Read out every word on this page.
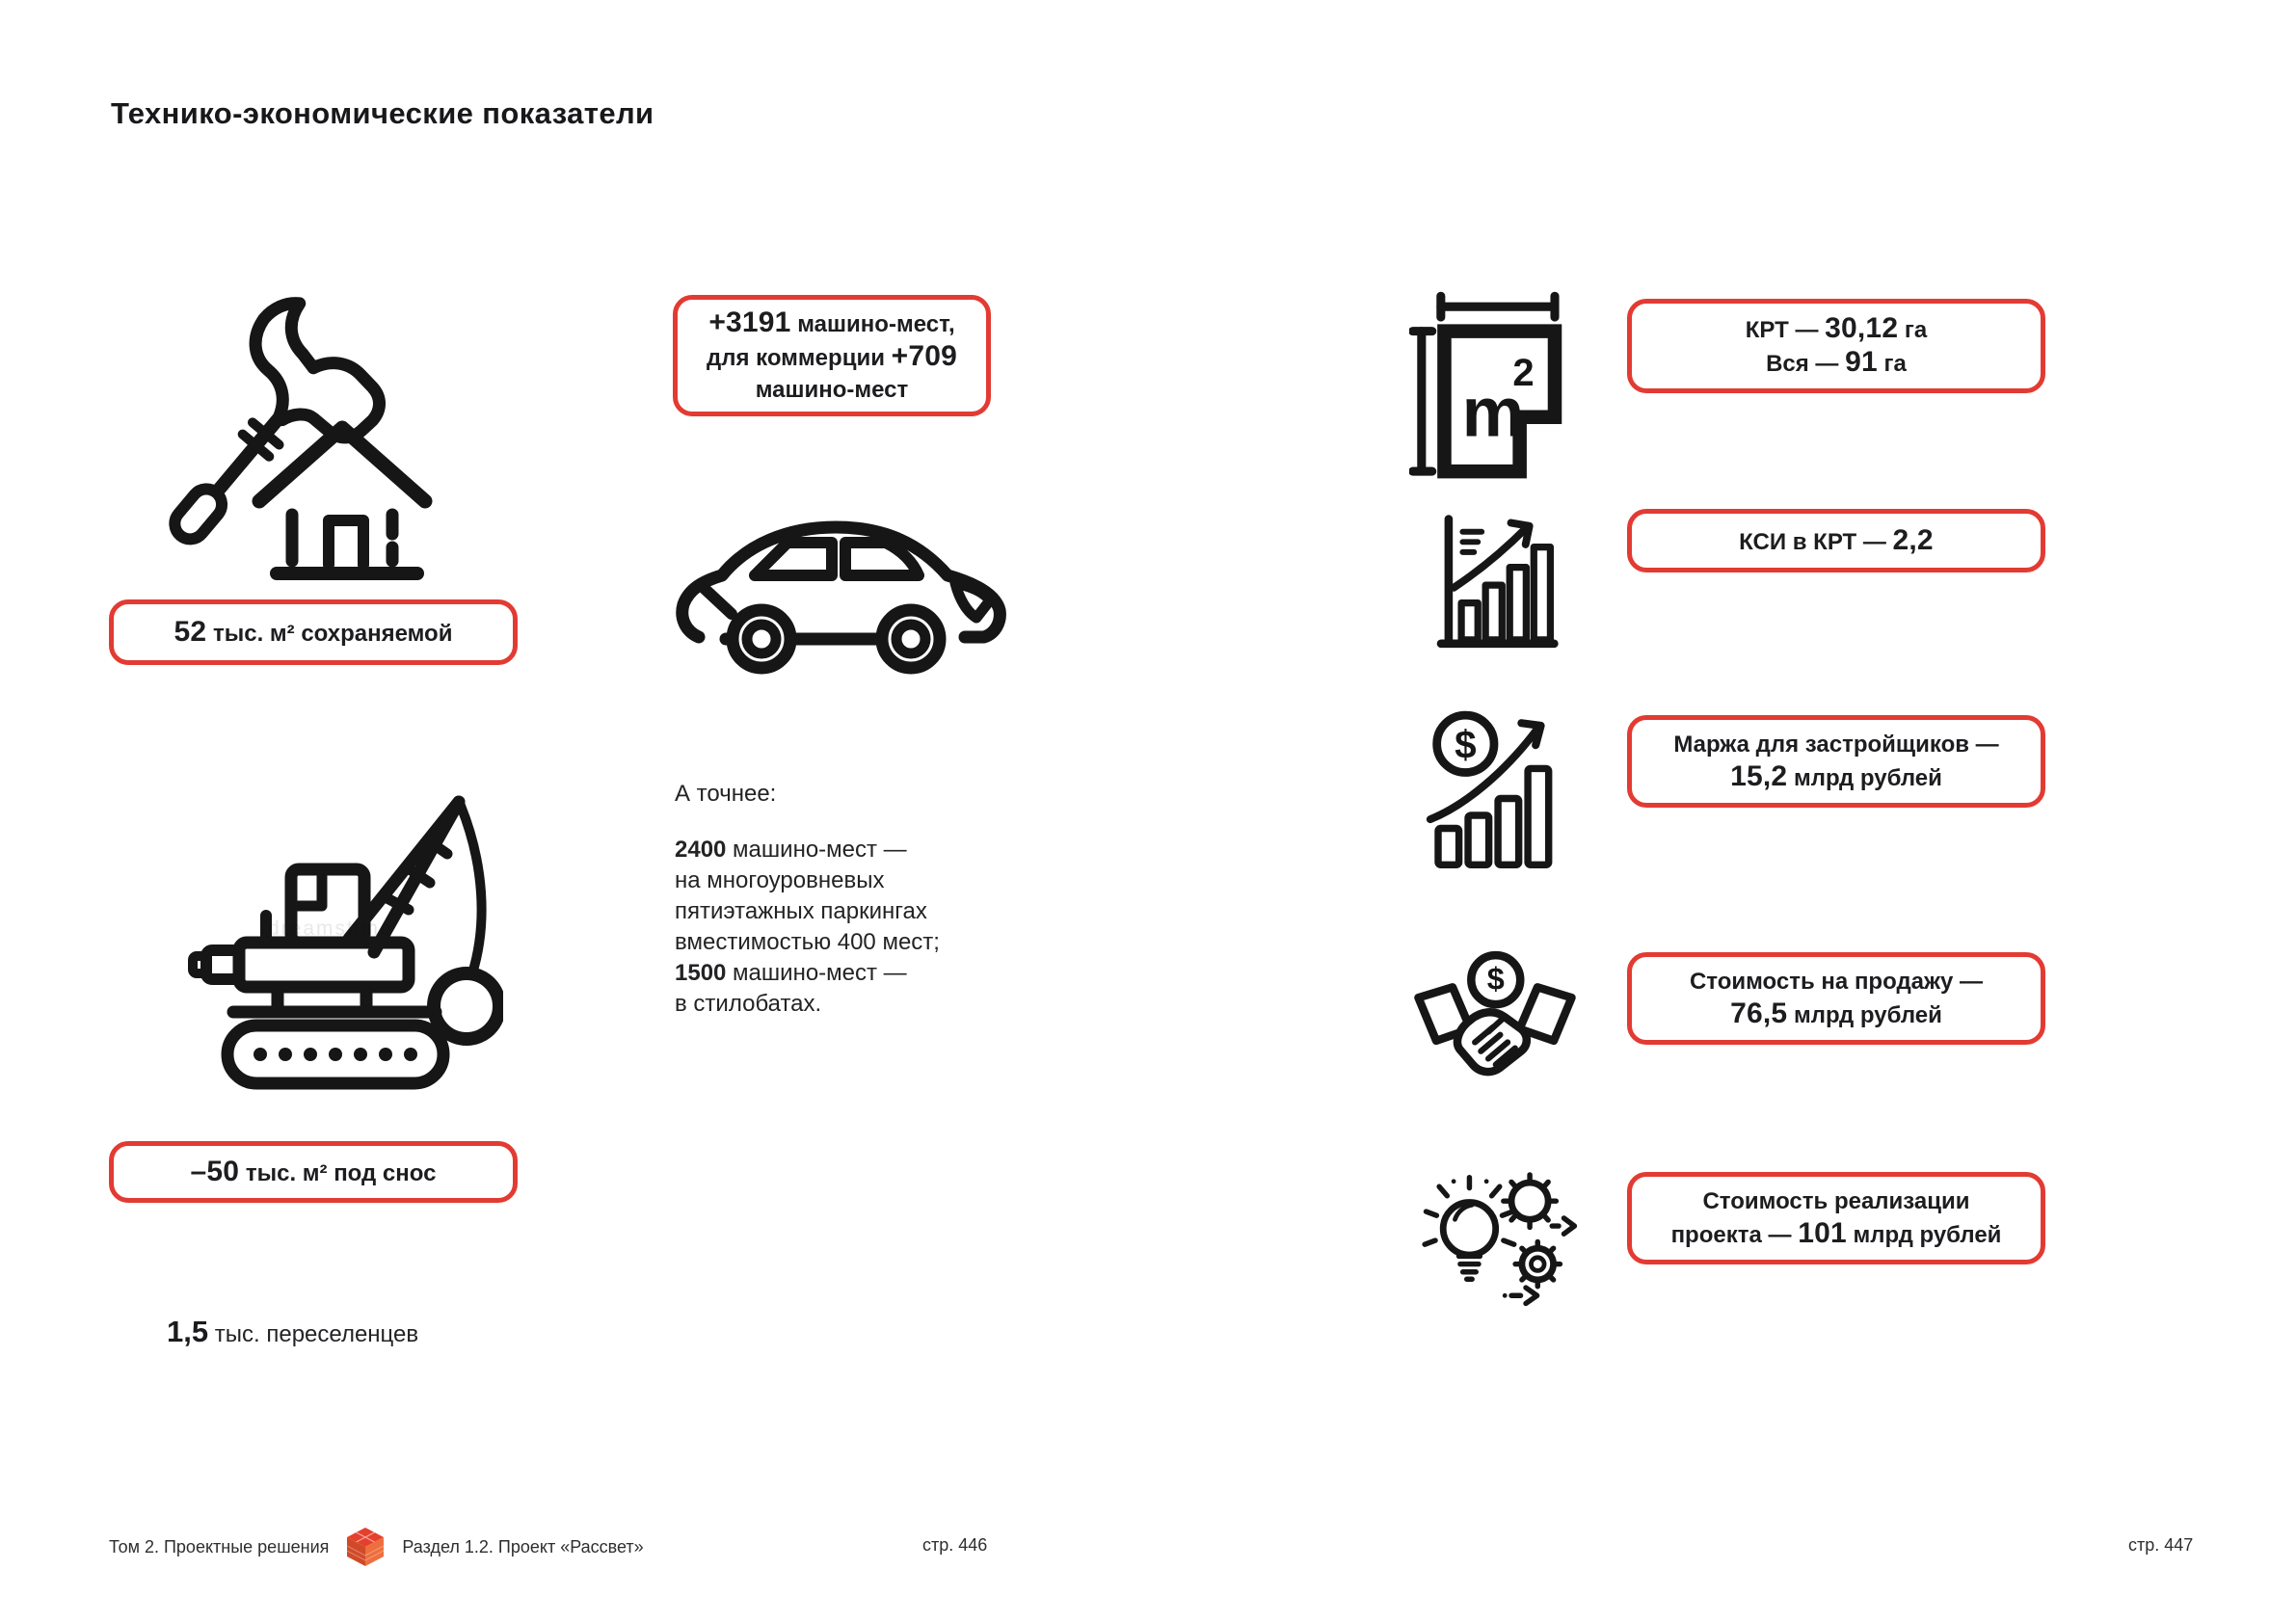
Технико-экономические показатели
52 тыс. м² сохраняемой
dreamstime
–50 тыс. м² под снос
1,5 тыс. переселенцев
+3191 машино-мест,
для коммерции +709
машино-мест
А точнее:
2400 машино-мест —
на многоуровневых
пятиэтажных паркингах
вместимостью 400 мест;
1500 машино-мест —
в стилобатах.
m
2
КРТ — 30,12 га
Вся — 91 га
КСИ в КРТ — 2,2
$	Маржа для застройщиков —
15,2 млрд рублей
$	Стоимость на продажу —
76,5 млрд рублей
Стоимость реализации
проекта — 101 млрд рублей
Том 2. Проектные решения	Раздел 1.2. Проект «Рассвет»	стр. 446	стр. 447
